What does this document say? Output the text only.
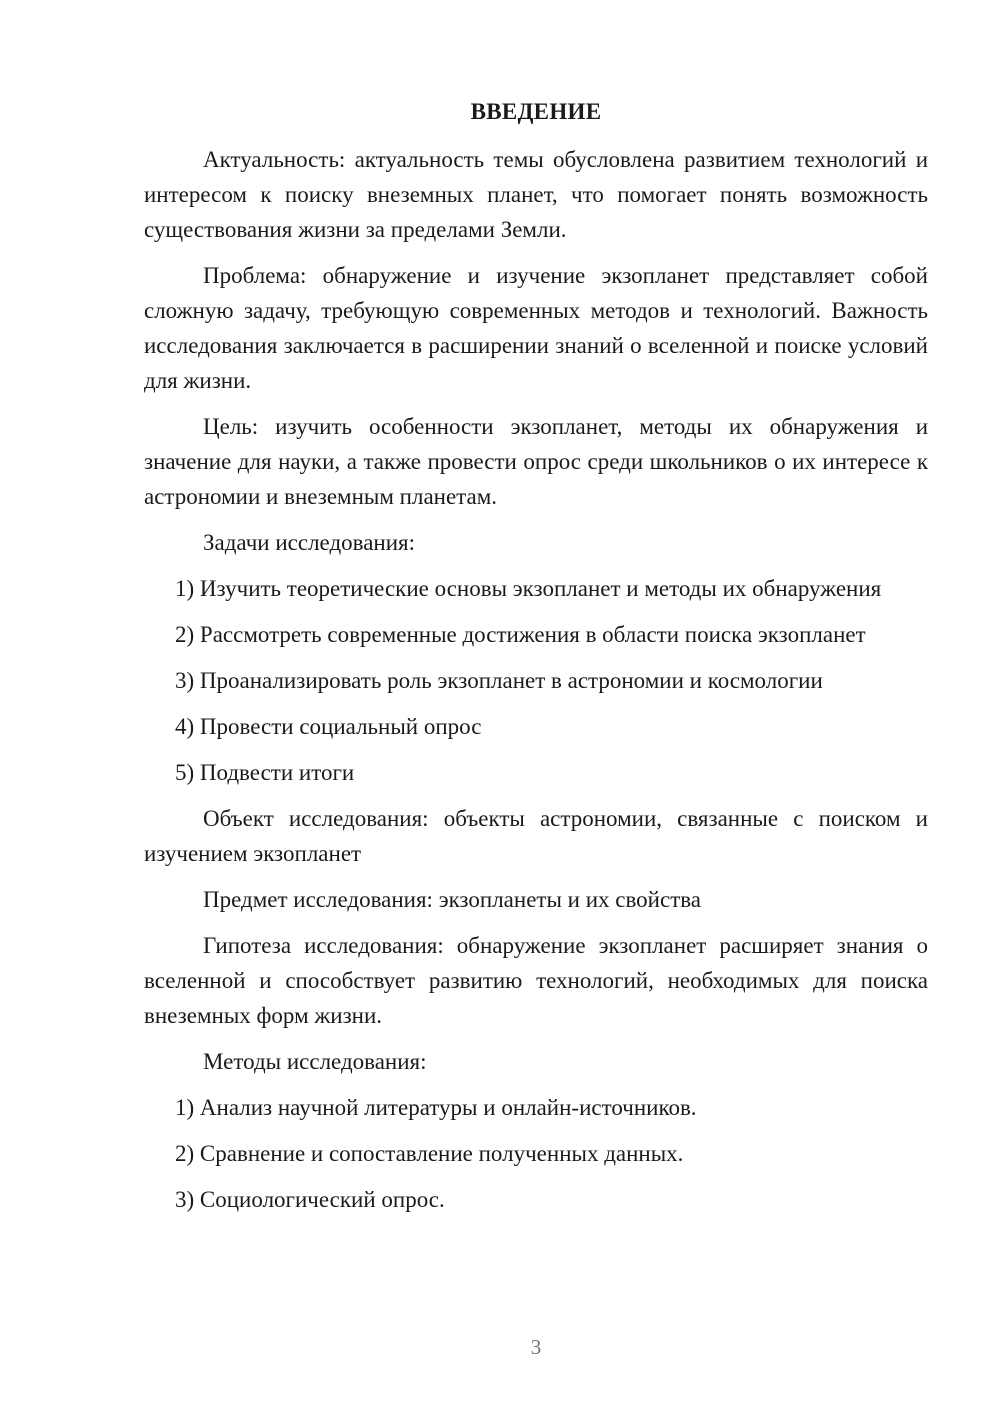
ВВЕДЕНИЕ

Актуальность: актуальность темы обусловлена развитием технологий и интересом к поиску внеземных планет, что помогает понять возможность существования жизни за пределами Земли.

Проблема: обнаружение и изучение экзопланет представляет собой сложную задачу, требующую современных методов и технологий. Важность исследования заключается в расширении знаний о вселенной и поиске условий для жизни.

Цель: изучить особенности экзопланет, методы их обнаружения и значение для науки, а также провести опрос среди школьников о их интересе к астрономии и внеземным планетам.

Задачи исследования:

1) Изучить теоретические основы экзопланет и методы их обнаружения

2) Рассмотреть современные достижения в области поиска экзопланет

3) Проанализировать роль экзопланет в астрономии и космологии

4) Провести социальный опрос

5) Подвести итоги

Объект исследования: объекты астрономии, связанные с поиском и изучением экзопланет

Предмет исследования: экзопланеты и их свойства

Гипотеза исследования: обнаружение экзопланет расширяет знания о вселенной и способствует развитию технологий, необходимых для поиска внеземных форм жизни.

Методы исследования:

1) Анализ научной литературы и онлайн-источников.

2) Сравнение и сопоставление полученных данных.

3) Социологический опрос.

3
